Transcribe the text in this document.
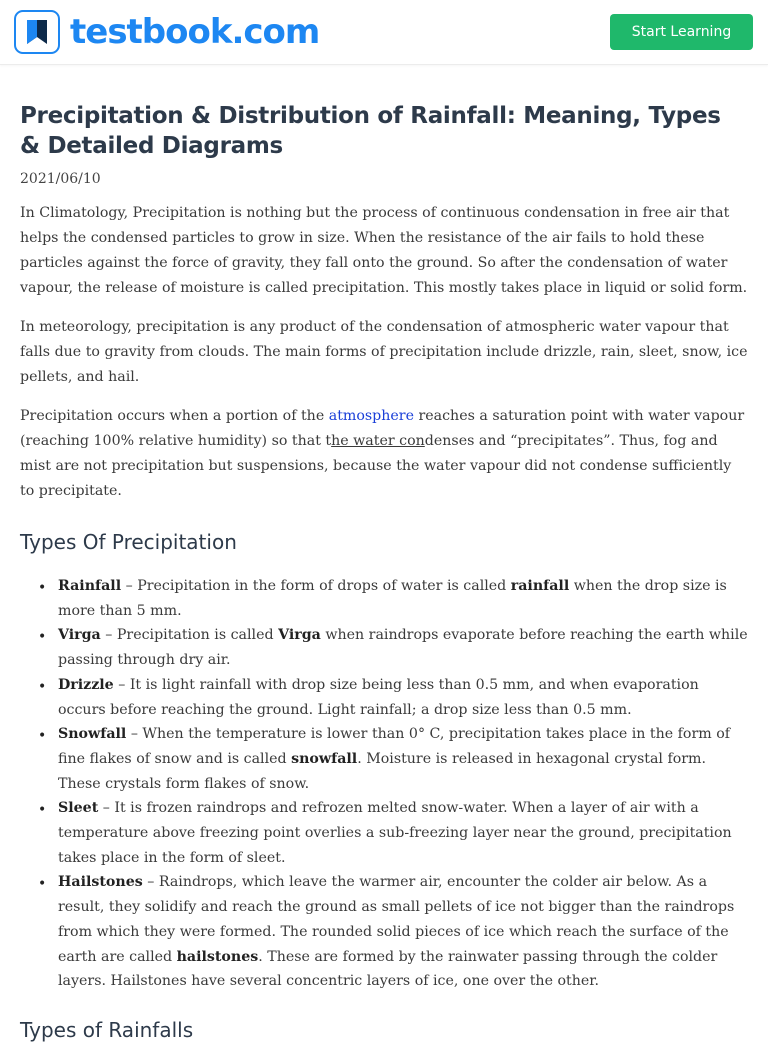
testbook.com	Start Learning
Precipitation & Distribution of Rainfall: Meaning, Types & Detailed Diagrams
2021/06/10

In Climatology, Precipitation is nothing but the process of continuous condensation in free air that helps the condensed particles to grow in size. When the resistance of the air fails to hold these particles against the force of gravity, they fall onto the ground. So after the condensation of water vapour, the release of moisture is called precipitation. This mostly takes place in liquid or solid form.

In meteorology, precipitation is any product of the condensation of atmospheric water vapour that falls due to gravity from clouds. The main forms of precipitation include drizzle, rain, sleet, snow, ice pellets, and hail.

Precipitation occurs when a portion of the atmosphere reaches a saturation point with water vapour (reaching 100% relative humidity) so that the water condenses and “precipitates”. Thus, fog and mist are not precipitation but suspensions, because the water vapour did not condense sufficiently to precipitate.

Types Of Precipitation
• Rainfall – Precipitation in the form of drops of water is called rainfall when the drop size is more than 5 mm.
• Virga – Precipitation is called Virga when raindrops evaporate before reaching the earth while passing through dry air.
• Drizzle – It is light rainfall with drop size being less than 0.5 mm, and when evaporation occurs before reaching the ground. Light rainfall; a drop size less than 0.5 mm.
• Snowfall – When the temperature is lower than 0° C, precipitation takes place in the form of fine flakes of snow and is called snowfall. Moisture is released in hexagonal crystal form. These crystals form flakes of snow.
• Sleet – It is frozen raindrops and refrozen melted snow-water. When a layer of air with a temperature above freezing point overlies a sub-freezing layer near the ground, precipitation takes place in the form of sleet.
• Hailstones – Raindrops, which leave the warmer air, encounter the colder air below. As a result, they solidify and reach the ground as small pellets of ice not bigger than the raindrops from which they were formed. The rounded solid pieces of ice which reach the surface of the earth are called hailstones. These are formed by the rainwater passing through the colder layers. Hailstones have several concentric layers of ice, one over the other.
Types of Rainfalls
